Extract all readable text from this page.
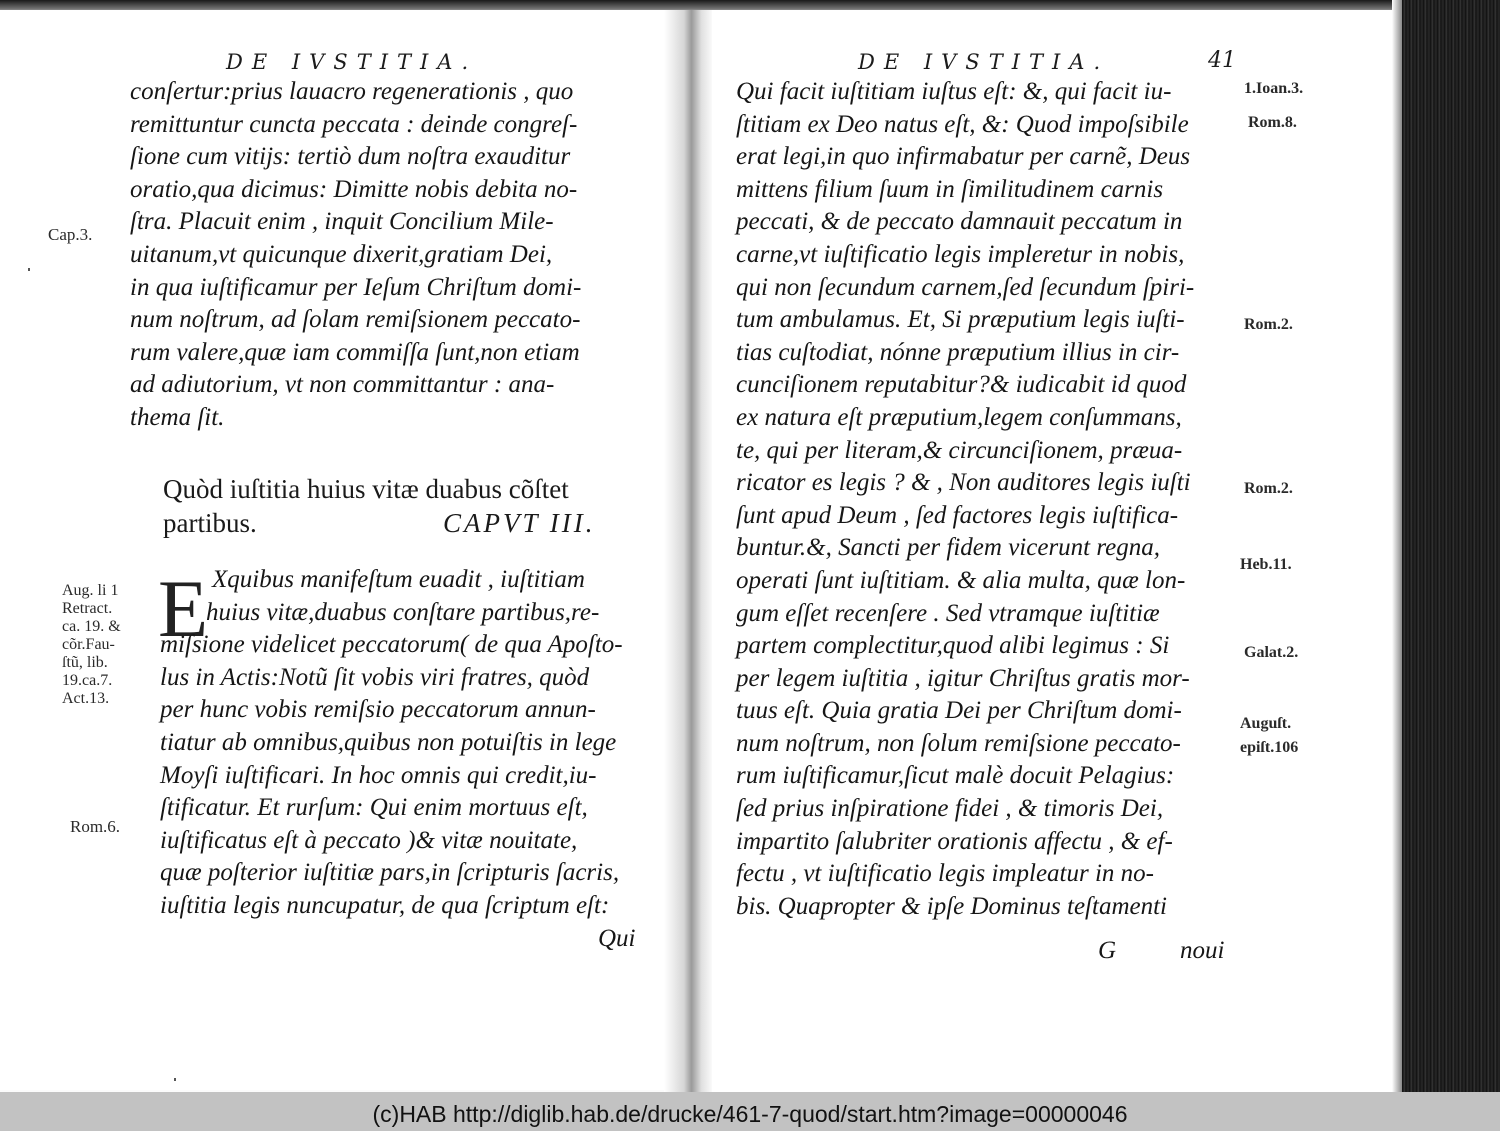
DE IVSTITIA.
conſertur:prius lauacro regenerationis , quo
remittuntur cuncta peccata : deinde congreſ-
ſione cum vitijs: tertiò dum noſtra exauditur
oratio,qua dicimus: Dimitte nobis debita no-
ſtra. Placuit enim , inquit Concilium Mile-
uitanum,vt quicunque dixerit,gratiam Dei,
in qua iuſtificamur per Ieſum Chriſtum domi-
num noſtrum, ad ſolam remiſsionem peccato-
rum valere,quæ iam commiſſa ſunt,non etiam
ad adiutorium, vt non committantur : ana-
thema ſit.
Cap.3.
Quòd iuſtitia huius vitæ duabus cõſtet
partibus.	CAPVT III.
E Xquibus manifeſtum euadit , iuſtitiam
huius vitæ,duabus conſtare partibus,re-
miſsione videlicet peccatorum( de qua Apoſto-
lus in Actis:Notũ ſit vobis viri fratres, quòd
per hunc vobis remiſsio peccatorum annun-
tiatur ab omnibus,quibus non potuiſtis in lege
Moyſi iuſtificari. In hoc omnis qui credit,iu-
ſtificatur. Et rurſum: Qui enim mortuus eſt,
iuſtificatus eſt à peccato )& vitæ nouitate,
quæ poſterior iuſtitiæ pars,in ſcripturis ſacris,
iuſtitia legis nuncupatur, de qua ſcriptum eſt:
Qui
Aug. li 1
Retract.
ca. 19. &
cõr.Fau-
ſtũ, lib.
19.ca.7.
Act.13.
Rom.6.
DE IVSTITIA.	41
Qui facit iuſtitiam iuſtus eſt: &, qui facit iu-
ſtitiam ex Deo natus eſt, &: Quod impoſsibile
erat legi,in quo infirmabatur per carnẽ, Deus
mittens filium ſuum in ſimilitudinem carnis
peccati, & de peccato damnauit peccatum in
carne,vt iuſtificatio legis impleretur in nobis,
qui non ſecundum carnem,ſed ſecundum ſpiri-
tum ambulamus. Et, Si præputium legis iuſti-
tias cuſtodiat, nónne præputium illius in cir-
cunciſionem reputabitur?& iudicabit id quod
ex natura eſt præputium,legem conſummans,
te, qui per literam,& circunciſionem, præua-
ricator es legis ? & , Non auditores legis iuſti
ſunt apud Deum , ſed factores legis iuſtifica-
buntur.&, Sancti per fidem vicerunt regna,
operati ſunt iuſtitiam. & alia multa, quæ lon-
gum eſſet recenſere . Sed vtramque iuſtitiæ
partem complectitur,quod alibi legimus : Si
per legem iuſtitia , igitur Chriſtus gratis mor-
tuus eſt. Quia gratia Dei per Chriſtum domi-
num noſtrum, non ſolum remiſsione peccato-
rum iuſtificamur,ſicut malè docuit Pelagius:
ſed prius inſpiratione fidei , & timoris Dei,
impartito ſalubriter orationis affectu , & ef-
fectu , vt iuſtificatio legis impleatur in no-
bis. Quapropter & ipſe Dominus teſtamenti
G	noui
1.Ioan.3.
Rom.8.
Rom.2.
Rom.2.
Heb.11.
Galat.2.
Auguſt.
epiſt.106
(c)HAB http://diglib.hab.de/drucke/461-7-quod/start.htm?image=00000046
